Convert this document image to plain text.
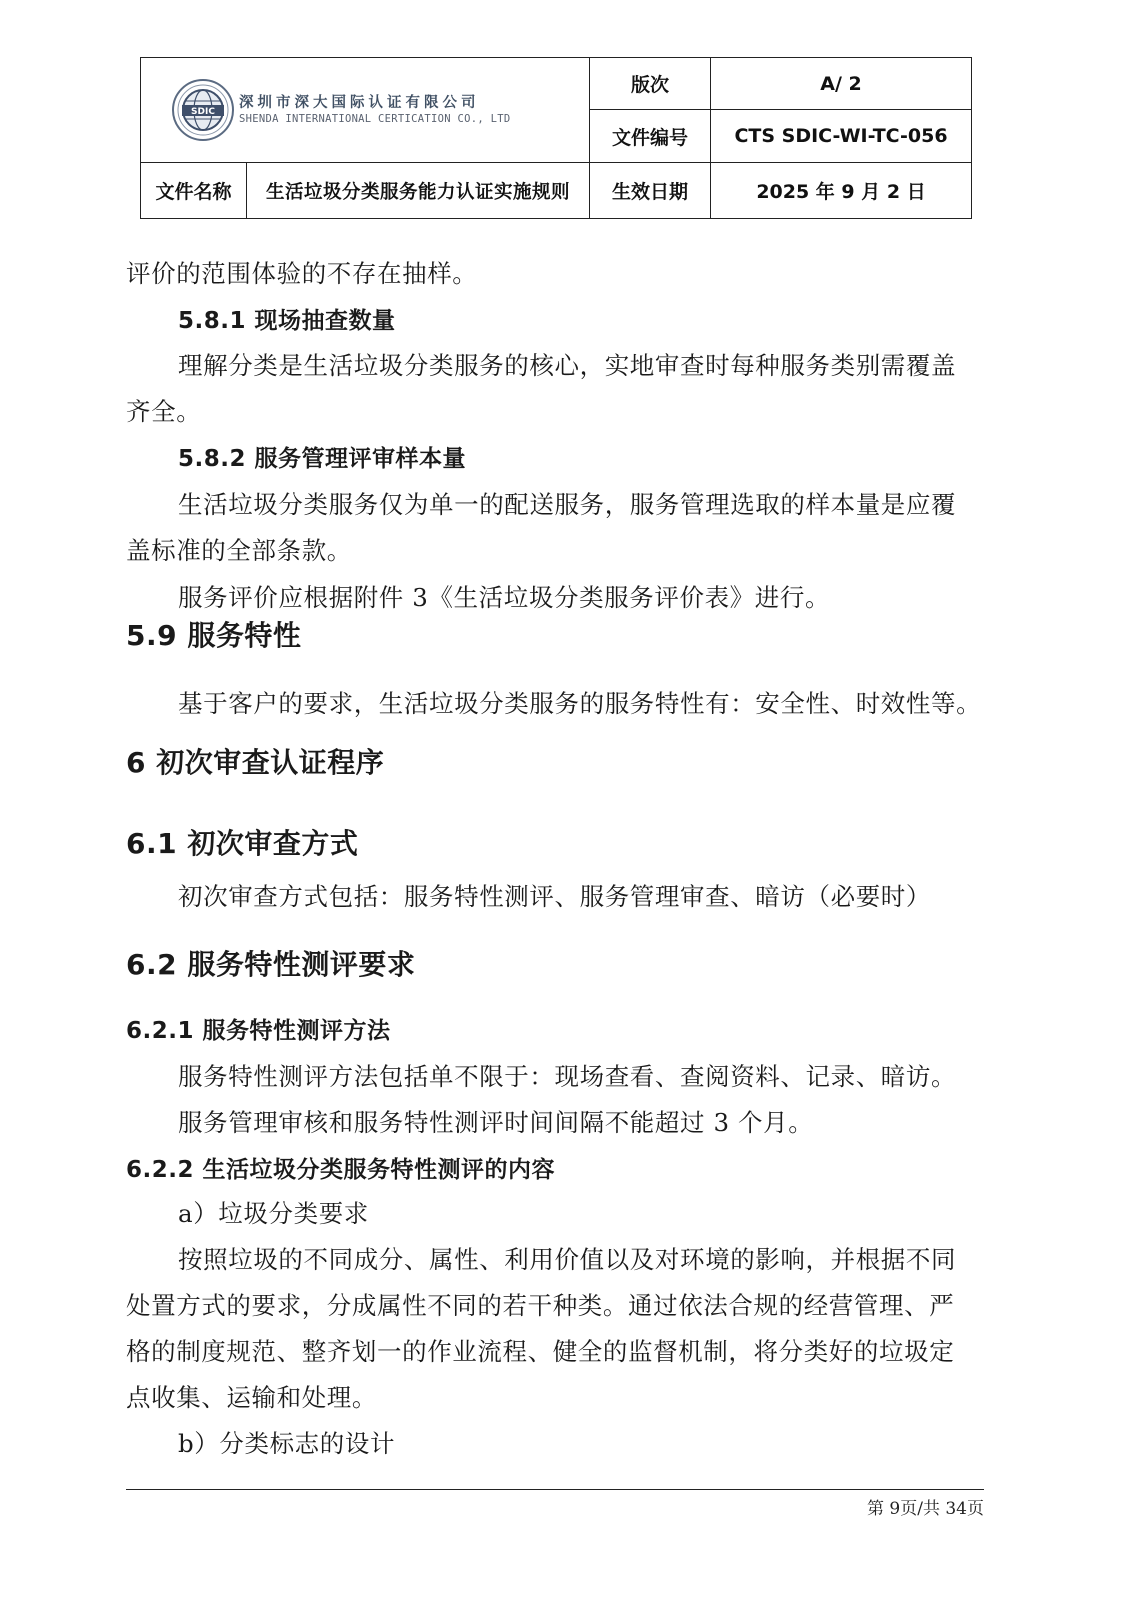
SDIC
深圳市深大国际认证有限公司
SHENDA INTERNATIONAL CERTICATION CO., LTD		版次	A/ 2
		文件编号	CTS SDIC-WI-TC-056
文件名称	生活垃圾分类服务能力认证实施规则	生效日期	2025 年 9 月 2 日
评价的范围体验的不存在抽样。
5.8.1 现场抽查数量
理解分类是生活垃圾分类服务的核心，实地审查时每种服务类别需覆盖
齐全。
5.8.2 服务管理评审样本量
生活垃圾分类服务仅为单一的配送服务，服务管理选取的样本量是应覆
盖标准的全部条款。
服务评价应根据附件 3《生活垃圾分类服务评价表》进行。
5.9 服务特性
基于客户的要求，生活垃圾分类服务的服务特性有：安全性、时效性等。
6 初次审查认证程序
6.1 初次审查方式
初次审查方式包括：服务特性测评、服务管理审查、暗访（必要时）
6.2 服务特性测评要求
6.2.1 服务特性测评方法
服务特性测评方法包括单不限于：现场查看、查阅资料、记录、暗访。
服务管理审核和服务特性测评时间间隔不能超过 3 个月。
6.2.2 生活垃圾分类服务特性测评的内容
a）垃圾分类要求
按照垃圾的不同成分、属性、利用价值以及对环境的影响，并根据不同
处置方式的要求，分成属性不同的若干种类。通过依法合规的经营管理、严
格的制度规范、整齐划一的作业流程、健全的监督机制，将分类好的垃圾定
点收集、运输和处理。
b）分类标志的设计
第 9页/共 34页
